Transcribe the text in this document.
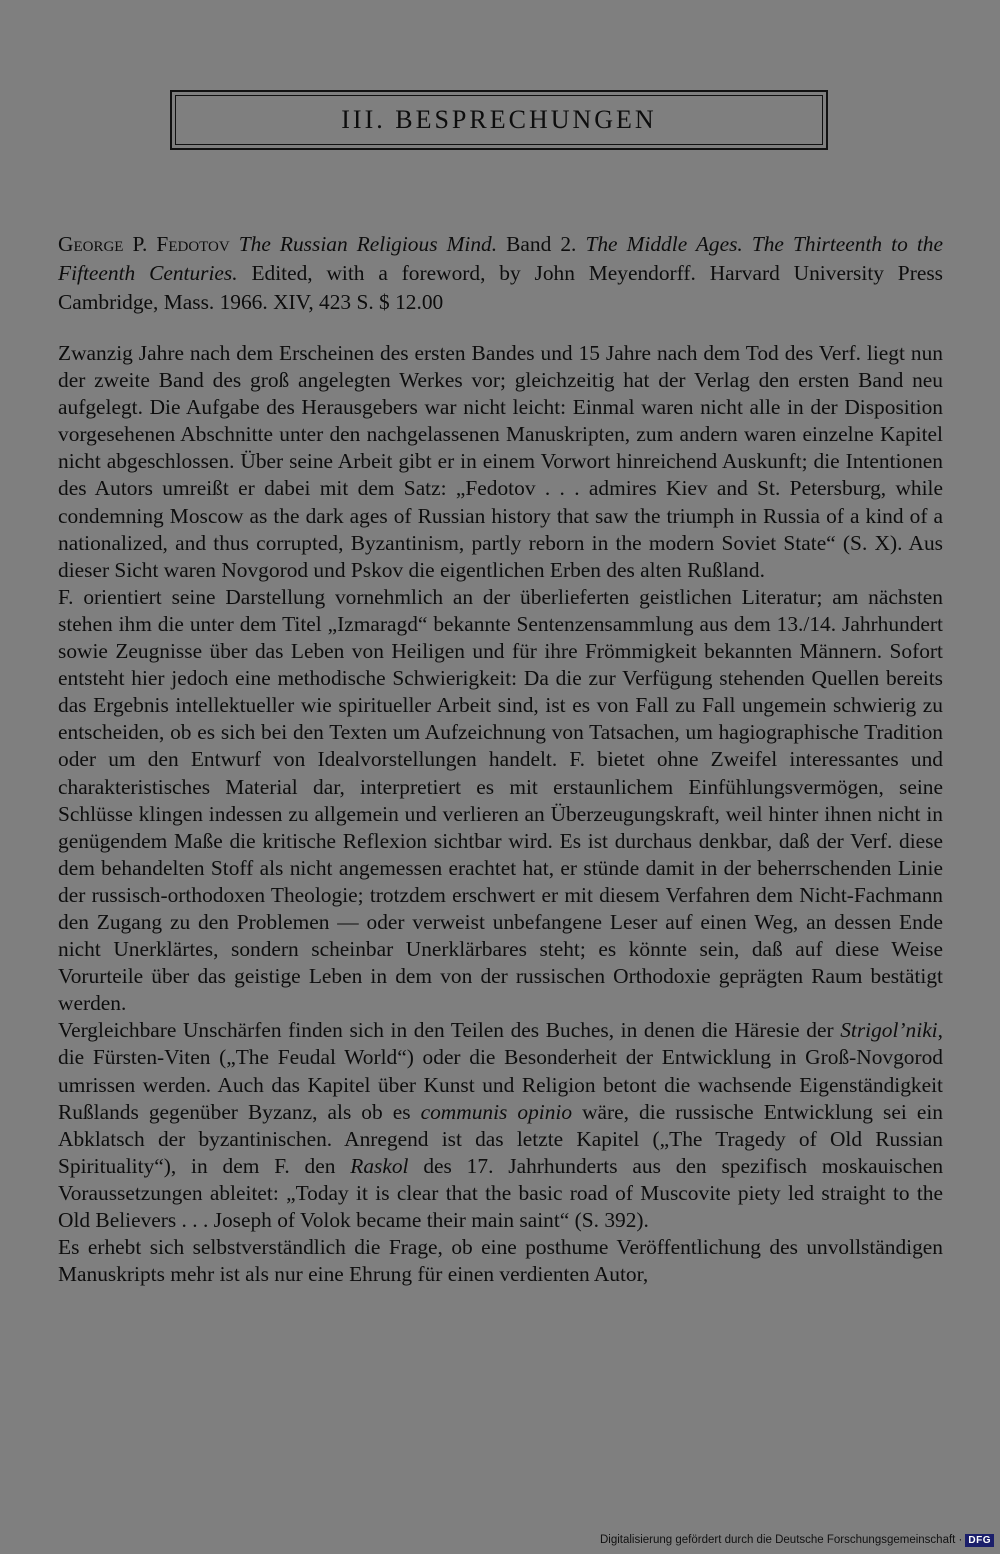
III. BESPRECHUNGEN
George P. Fedotov The Russian Religious Mind. Band 2. The Middle Ages. The Thirteenth to the Fifteenth Centuries. Edited, with a foreword, by John Meyendorff. Harvard University Press Cambridge, Mass. 1966. XIV, 423 S. $ 12.00

Zwanzig Jahre nach dem Erscheinen des ersten Bandes und 15 Jahre nach dem Tod des Verf. liegt nun der zweite Band des groß angelegten Werkes vor; gleichzeitig hat der Verlag den ersten Band neu aufgelegt. Die Aufgabe des Herausgebers war nicht leicht: Einmal waren nicht alle in der Disposition vorgesehenen Abschnitte unter den nachgelassenen Manuskripten, zum andern waren einzelne Kapitel nicht abgeschlossen. Über seine Arbeit gibt er in einem Vorwort hinreichend Auskunft; die Intentionen des Autors umreißt er dabei mit dem Satz: „Fedotov . . . admires Kiev and St. Petersburg, while condemning Moscow as the dark ages of Russian history that saw the triumph in Russia of a kind of a nationalized, and thus corrupted, Byzantinism, partly reborn in the modern Soviet State“ (S. X). Aus dieser Sicht waren Novgorod und Pskov die eigentlichen Erben des alten Rußland.

F. orientiert seine Darstellung vornehmlich an der überlieferten geistlichen Literatur; am nächsten stehen ihm die unter dem Titel „Izmaragd“ bekannte Sentenzensammlung aus dem 13./14. Jahrhundert sowie Zeugnisse über das Leben von Heiligen und für ihre Frömmigkeit bekannten Männern. Sofort entsteht hier jedoch eine methodische Schwierigkeit: Da die zur Verfügung stehenden Quellen bereits das Ergebnis intellektueller wie spiritueller Arbeit sind, ist es von Fall zu Fall ungemein schwierig zu entscheiden, ob es sich bei den Texten um Aufzeichnung von Tatsachen, um hagiographische Tradition oder um den Entwurf von Idealvorstellungen handelt. F. bietet ohne Zweifel interessantes und charakteristisches Material dar, interpretiert es mit erstaunlichem Einfühlungsvermögen, seine Schlüsse klingen indessen zu allgemein und verlieren an Überzeugungskraft, weil hinter ihnen nicht in genügendem Maße die kritische Reflexion sichtbar wird. Es ist durchaus denkbar, daß der Verf. diese dem behandelten Stoff als nicht angemessen erachtet hat, er stünde damit in der beherrschenden Linie der russisch-orthodoxen Theologie; trotzdem erschwert er mit diesem Verfahren dem Nicht-Fachmann den Zugang zu den Problemen — oder verweist unbefangene Leser auf einen Weg, an dessen Ende nicht Unerklärtes, sondern scheinbar Unerklärbares steht; es könnte sein, daß auf diese Weise Vorurteile über das geistige Leben in dem von der russischen Orthodoxie geprägten Raum bestätigt werden.

Vergleichbare Unschärfen finden sich in den Teilen des Buches, in denen die Häresie der Strigol’niki, die Fürsten-Viten („The Feudal World“) oder die Besonderheit der Entwicklung in Groß-Novgorod umrissen werden. Auch das Kapitel über Kunst und Religion betont die wachsende Eigenständigkeit Rußlands gegenüber Byzanz, als ob es communis opinio wäre, die russische Entwicklung sei ein Abklatsch der byzantinischen. Anregend ist das letzte Kapitel („The Tragedy of Old Russian Spirituality“), in dem F. den Raskol des 17. Jahrhunderts aus den spezifisch moskauischen Voraussetzungen ableitet: „Today it is clear that the basic road of Muscovite piety led straight to the Old Believers . . . Joseph of Volok became their main saint“ (S. 392).

Es erhebt sich selbstverständlich die Frage, ob eine posthume Veröffentlichung des unvollständigen Manuskripts mehr ist als nur eine Ehrung für einen verdienten Autor,

Digitalisierung gefördert durch die Deutsche Forschungsgemeinschaft · DFG
